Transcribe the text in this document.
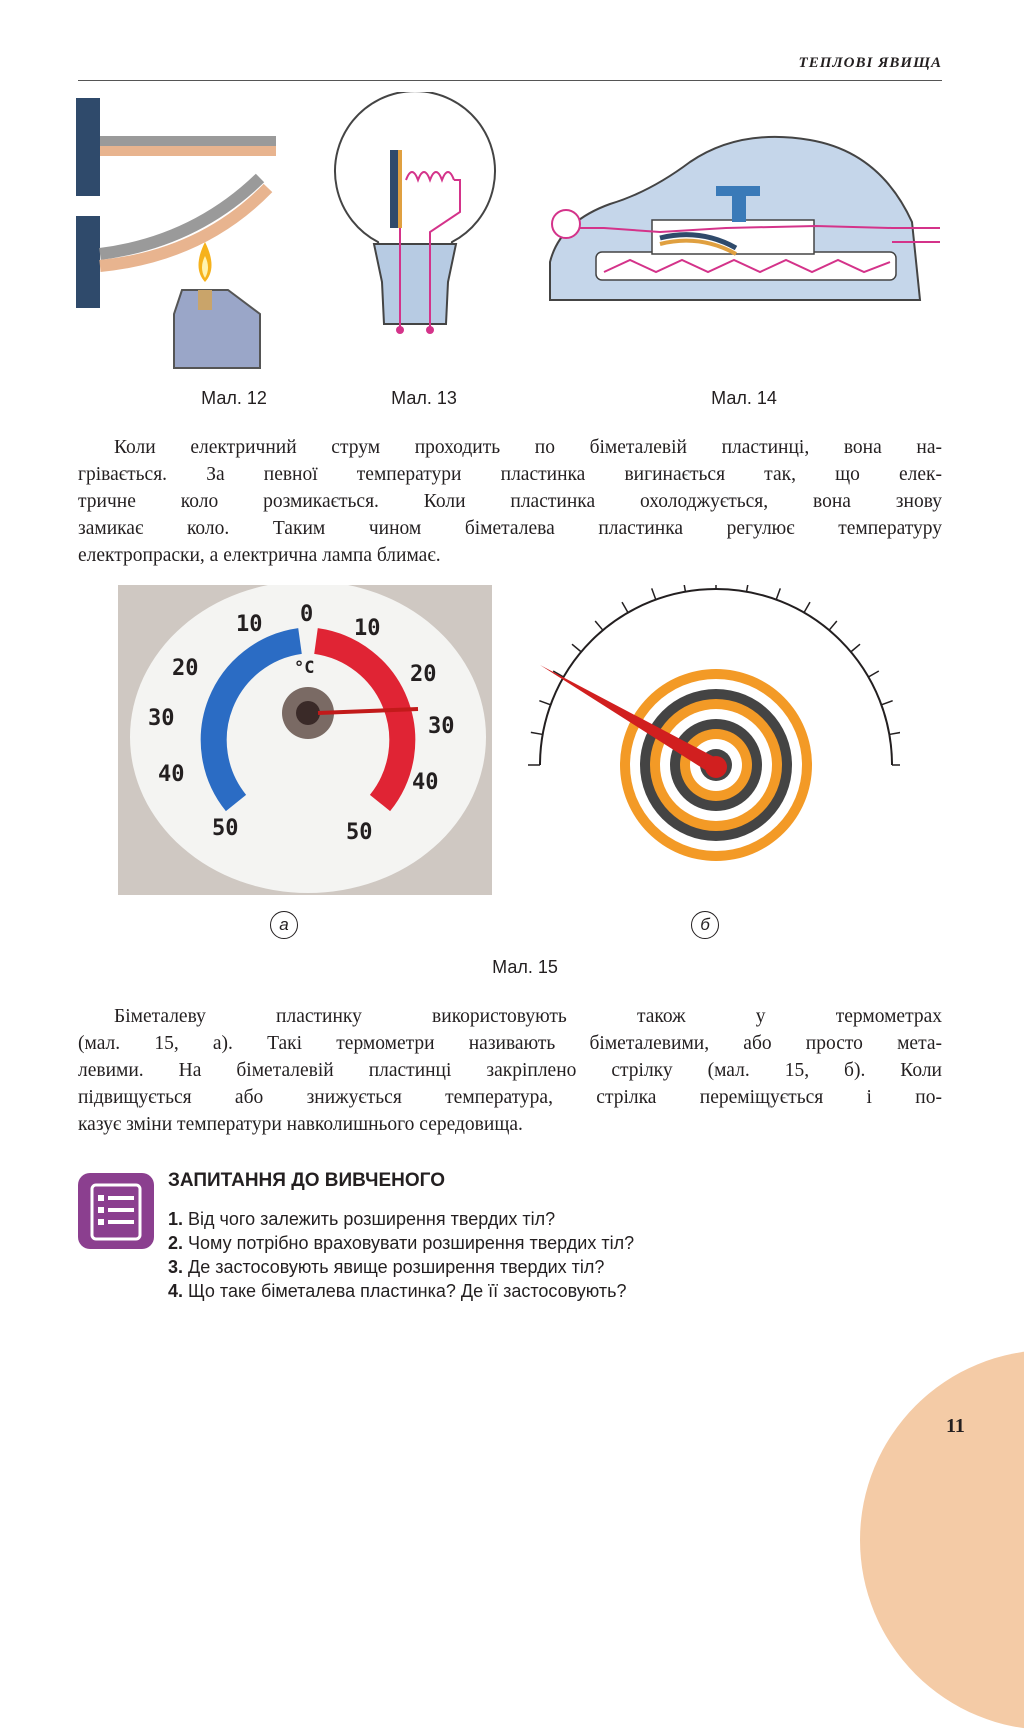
ТЕПЛОВІ ЯВИЩА
Мал. 12	Мал. 13	Мал. 14
Коли електричний струм проходить по біметалевій пластинці, вона на-
грівається. За певної температури пластинка вигинається так, що елек-
тричне коло розмикається. Коли пластинка охолоджується, вона знову
замикає коло. Таким чином біметалева пластинка регулює температуру
електропраски, а електрична лампа блимає.
0
°C
10
20
30
40
50
10
20
30
40
50
а	б
Мал. 15
Біметалеву пластинку використовують також у термометрах
(мал. 15, а). Такі термометри називають біметалевими, або просто мета-
левими. На біметалевій пластинці закріплено стрілку (мал. 15, б). Коли
підвищується або знижується температура, стрілка переміщується і по-
казує зміни температури навколишнього середовища.
ЗАПИТАННЯ ДО ВИВЧЕНОГО
1. Від чого залежить розширення твердих тіл?
2. Чому потрібно враховувати розширення твердих тіл?
3. Де застосовують явище розширення твердих тіл?
4. Що таке біметалева пластинка? Де її застосовують?
11
